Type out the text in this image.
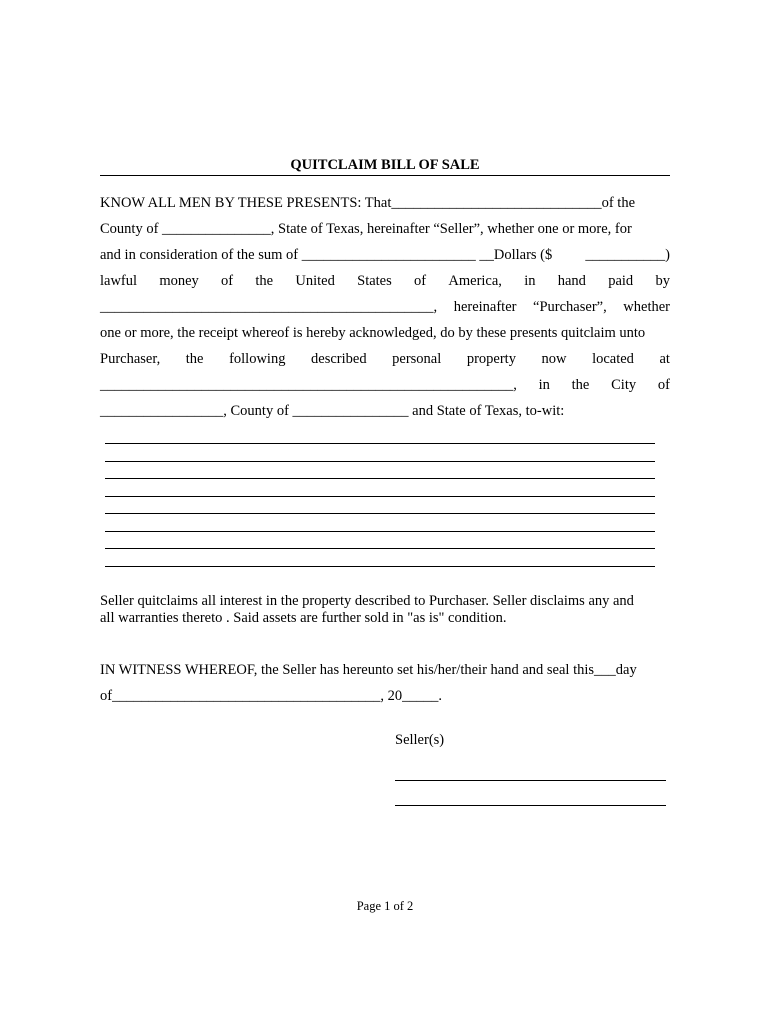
QUITCLAIM BILL OF SALE
KNOW ALL MEN BY THESE PRESENTS: That_____________________________of the
County of _______________, State of Texas, hereinafter “Seller”, whether one or more, for
and in consideration of the sum of ________________________ __Dollars ($ ___________)
lawful money of the United States of America, in hand paid by
______________________________________________, hereinafter “Purchaser”, whether
one or more, the receipt whereof is hereby acknowledged, do by these presents quitclaim unto
Purchaser, the following described personal property now located at
_________________________________________________________, in the City of
_________________, County of ________________ and State of Texas, to-wit:
Seller quitclaims all interest in the property described to Purchaser. Seller disclaims any and
all warranties thereto . Said assets are further sold in "as is" condition.
IN WITNESS WHEREOF, the Seller has hereunto set his/her/their hand and seal this___day
of_____________________________________, 20_____.
Seller(s)
Page 1 of 2
